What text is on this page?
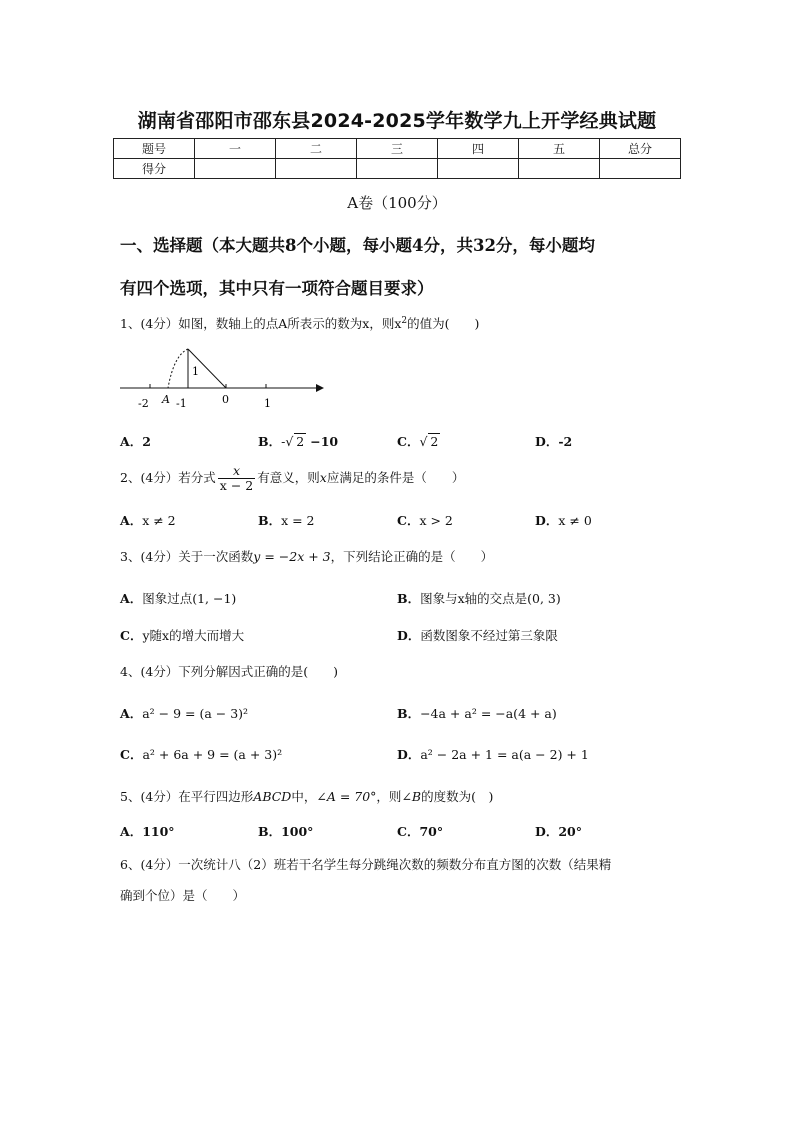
湖南省邵阳市邵东县2024-2025学年数学九上开学经典试题
题号	一	二	三	四	五	总分
得分						
A卷（100分）
一、选择题（本大题共8个小题，每小题4分，共32分，每小题均
有四个选项，其中只有一项符合题目要求）
1、(4分）如图，数轴上的点A所表示的数为x，则$x^2$的值为(　　)
1
-2 A -1	0	1
A．2	B．-√ 2 −10	C．√ 2	D．-2
2、(4分）若分式 $\frac{x}{x - 2}$ 有意义，则x应满足的条件是（　　）
A．x ≠ 2	B．x = 2	C．x > 2	D．x ≠ 0
3、(4分）关于一次函数y = −2x + 3，下列结论正确的是（　　）
A．图象过点(1, −1)	B．图象与x轴的交点是(0, 3)
C．y随x的增大而增大	D．函数图象不经过第三象限
4、(4分）下列分解因式正确的是(　　)
A．a² − 9 = (a − 3)²	B．−4a + a² = −a(4 + a)
C．a² + 6a + 9 = (a + 3)²	D．a² − 2a + 1 = a(a − 2) + 1
5、(4分）在平行四边形ABCD中，∠A = 70°，则∠B的度数为(　)
A．110°	B．100°	C．70°	D．20°
6、(4分）一次统计八（2）班若干名学生每分跳绳次数的频数分布直方图的次数（结果精
确到个位）是（　　）
